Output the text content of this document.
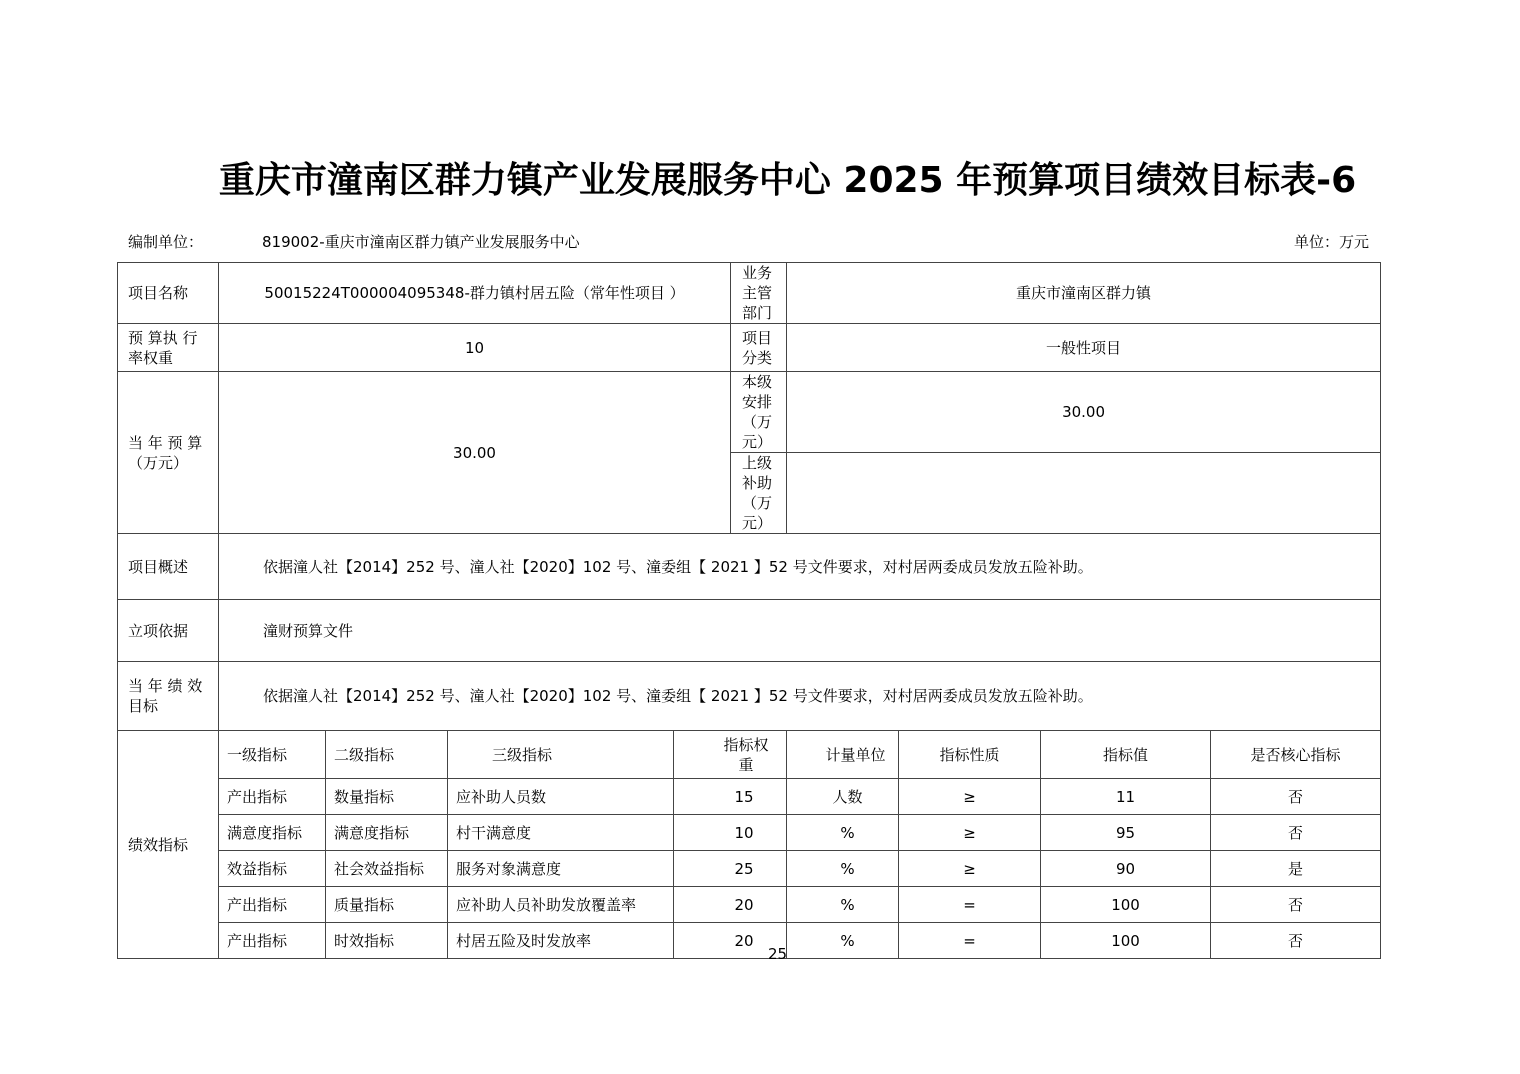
重庆市潼南区群力镇产业发展服务中心 2025 年预算项目绩效目标表-6
编制单位：	819002-重庆市潼南区群力镇产业发展服务中心	单位：万元
项目名称	50015224T000004095348-群力镇村居五险（常年性项目 ）				业务主管部门	重庆市潼南区群力镇			
预 算执 行率权重	10				项目分类	一般性项目			
当 年 预 算（万元）	30.00				本级安排（万元）	30.00			
					上级补助（万元）				
项目概述	依据潼人社【2014】252 号、潼人社【2020】102 号、潼委组【 2021 】52 号文件要求，对村居两委成员发放五险补助。								
立项依据	潼财预算文件								
当 年 绩 效目标	依据潼人社【2014】252 号、潼人社【2020】102 号、潼委组【 2021 】52 号文件要求，对村居两委成员发放五险补助。								
绩效指标	一级指标	二级指标	三级指标	指标权重		计量单位	指标性质	指标值	是否核心指标
	产出指标	数量指标	应补助人员数	15		人数	≥	11	否
	满意度指标	满意度指标	村干满意度	10		%	≥	95	否
	效益指标	社会效益指标	服务对象满意度	25		%	≥	90	是
	产出指标	质量指标	应补助人员补助发放覆盖率	20		%	=	100	否
	产出指标	时效指标	村居五险及时发放率	20		%	=	100	否
25
